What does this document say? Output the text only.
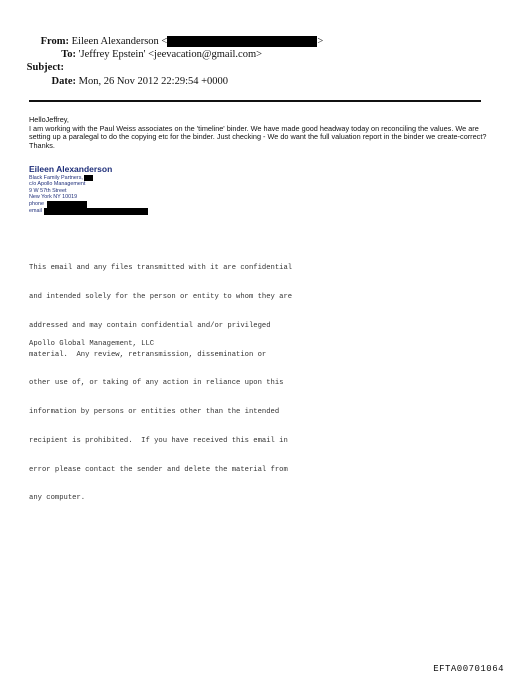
From: Eileen Alexanderson <	>
To: 'Jeffrey Epstein' <jeevacation@gmail.com>
Subject:
Date: Mon, 26 Nov 2012 22:29:54 +0000
HelloJeffrey,
I am working with the Paul Weiss associates on the 'timeline' binder. We have made good headway today on reconciling the values. We are setting up a paralegal to do the copying etc for the binder. Just checking - We do want the full valuation report in the binder we create-correct? Thanks.
Eileen Alexanderson
Black Family Partners,
c/o Apollo Management
9 W 57th Street
New York NY 10019
phone
email

This email and any files transmitted with it are confidential

and intended solely for the person or entity to whom they are

addressed and may contain confidential and/or privileged

material.  Any review, retransmission, dissemination or

other use of, or taking of any action in reliance upon this

information by persons or entities other than the intended

recipient is prohibited.  If you have received this email in

error please contact the sender and delete the material from

any computer.

Apollo Global Management, LLC
EFTA00701064
